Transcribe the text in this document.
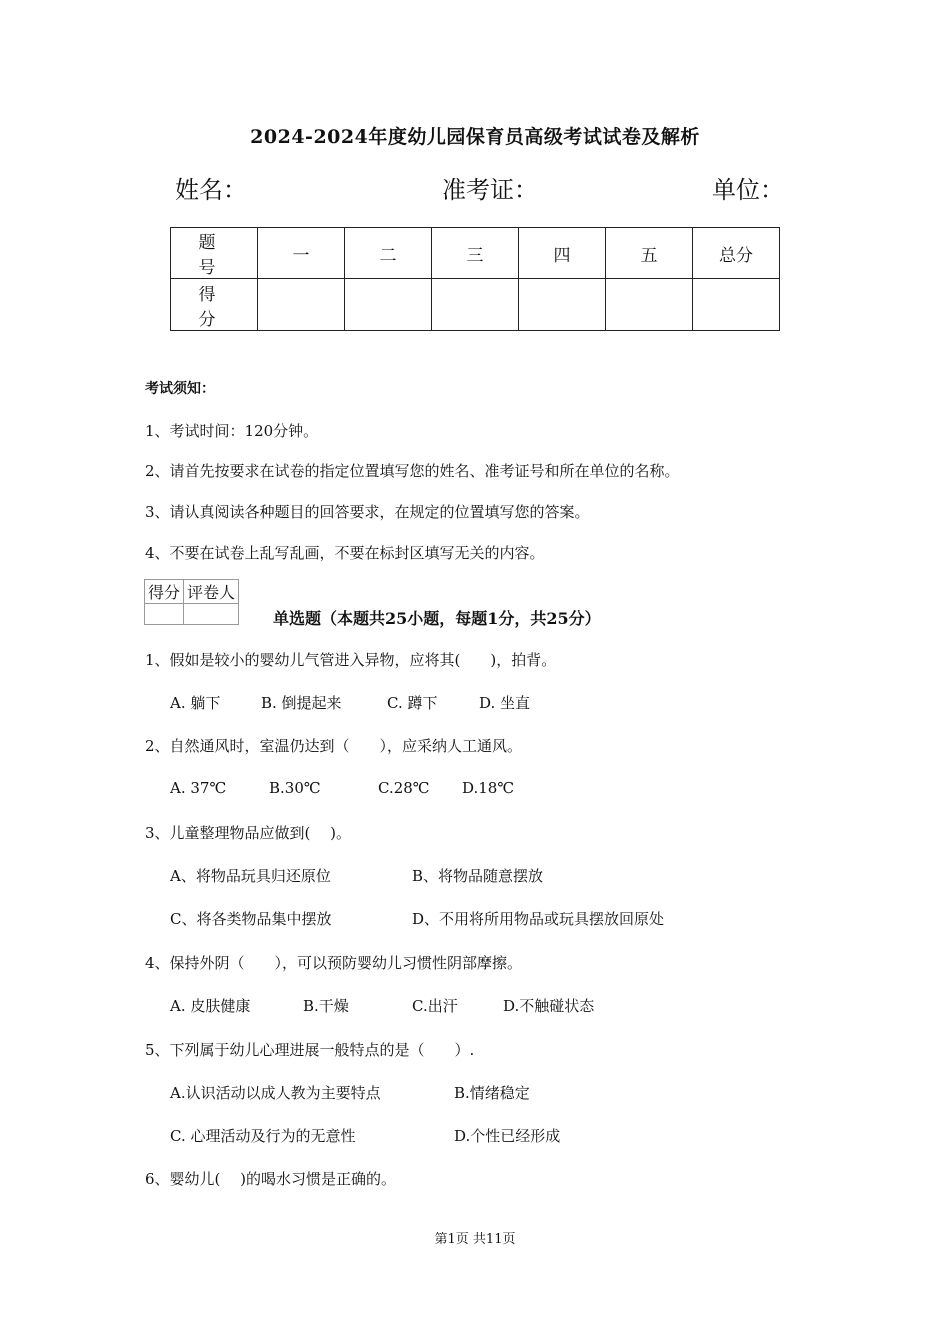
2024-2024年度幼儿园保育员高级考试试卷及解析
姓名：	准考证：	单位：
题　号	一	二	三	四	五	总分
得　分						
考试须知：
1、考试时间：120分钟。
2、请首先按要求在试卷的指定位置填写您的姓名、准考证号和所在单位的名称。
3、请认真阅读各种题目的回答要求，在规定的位置填写您的答案。
4、不要在试卷上乱写乱画，不要在标封区填写无关的内容。
得分	评卷人

单选题（本题共25小题，每题1分，共25分）
1、假如是较小的婴幼儿气管进入异物，应将其(　　)，拍背。
A. 躺下	B. 倒提起来	C. 蹲下	D. 坐直
2、自然通风时，室温仍达到（　　），应采纳人工通风。
A. 37℃	B.30℃	C.28℃ D.18℃
3、儿童整理物品应做到(　 )。
A、将物品玩具归还原位	B、将物品随意摆放
C、将各类物品集中摆放	D、不用将所用物品或玩具摆放回原处
4、保持外阴（　　），可以预防婴幼儿习惯性阴部摩擦。
A. 皮肤健康	B.干燥	C.出汗	D.不触碰状态
5、下列属于幼儿心理进展一般特点的是（　　）.
A.认识活动以成人教为主要特点	B.情绪稳定
C. 心理活动及行为的无意性	D.个性已经形成
6、婴幼儿(　 )的喝水习惯是正确的。
第1页 共11页
